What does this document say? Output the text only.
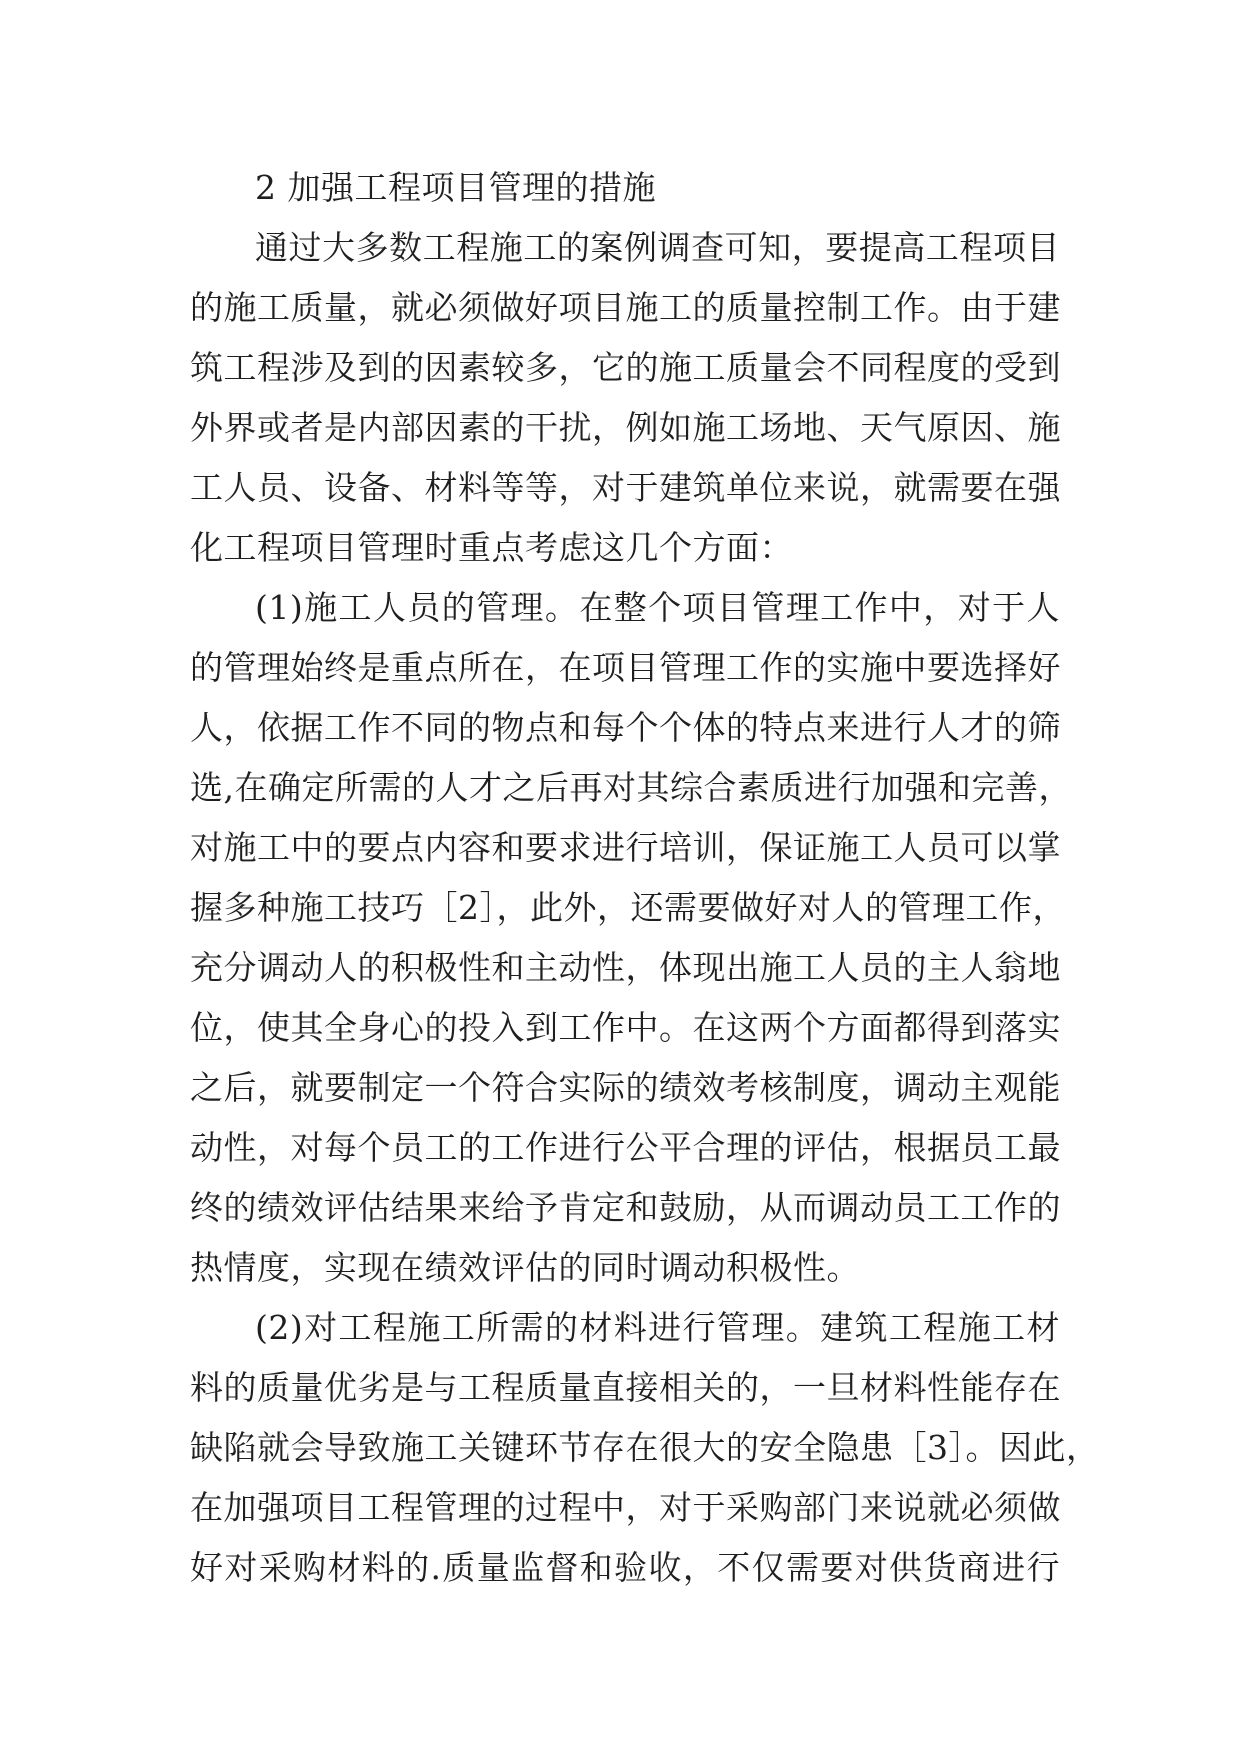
2 加强工程项目管理的措施
通过大多数工程施工的案例调查可知，要提高工程项目
的施工质量，就必须做好项目施工的质量控制工作。由于建
筑工程涉及到的因素较多，它的施工质量会不同程度的受到
外界或者是内部因素的干扰，例如施工场地、天气原因、施
工人员、设备、材料等等，对于建筑单位来说，就需要在强
化工程项目管理时重点考虑这几个方面：
(1)施工人员的管理。在整个项目管理工作中，对于人
的管理始终是重点所在，在项目管理工作的实施中要选择好
人，依据工作不同的物点和每个个体的特点来进行人才的筛
选,在确定所需的人才之后再对其综合素质进行加强和完善，
对施工中的要点内容和要求进行培训，保证施工人员可以掌
握多种施工技巧［2］，此外，还需要做好对人的管理工作，
充分调动人的积极性和主动性，体现出施工人员的主人翁地
位，使其全身心的投入到工作中。在这两个方面都得到落实
之后，就要制定一个符合实际的绩效考核制度，调动主观能
动性，对每个员工的工作进行公平合理的评估，根据员工最
终的绩效评估结果来给予肯定和鼓励，从而调动员工工作的
热情度，实现在绩效评估的同时调动积极性。
(2)对工程施工所需的材料进行管理。建筑工程施工材
料的质量优劣是与工程质量直接相关的，一旦材料性能存在
缺陷就会导致施工关键环节存在很大的安全隐患［3］。因此，
在加强项目工程管理的过程中，对于采购部门来说就必须做
好对采购材料的.质量监督和验收，不仅需要对供货商进行
